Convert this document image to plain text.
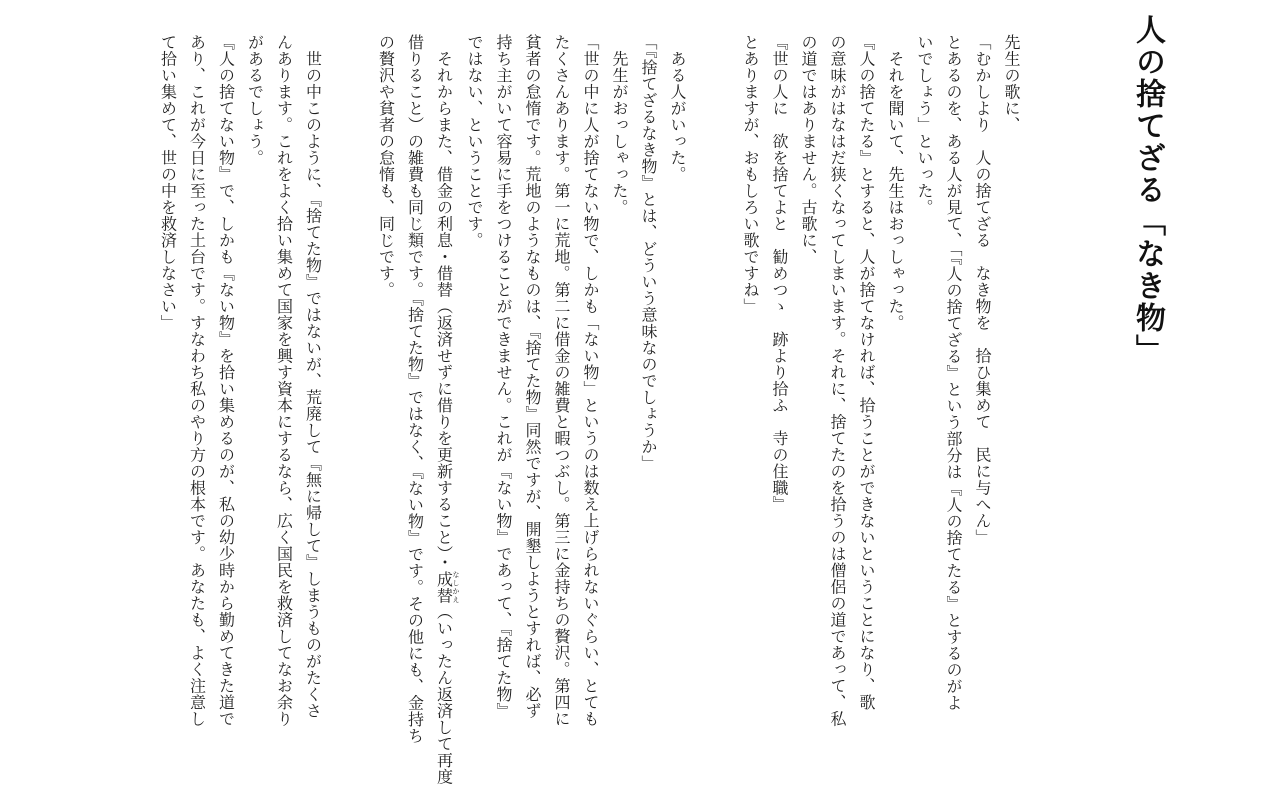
人の捨てざる「なき物」
先生の歌に、
「むかしより　人の捨てざる　なき物を　拾ひ集めて　民に与へん」
とあるのを、ある人が見て、「『人の捨てざる』という部分は『人の捨てたる』とするのがよ
いでしょう」といった。
　それを聞いて、先生はおっしゃった。
『人の捨てたる』とすると、人が捨てなければ、拾うことができないということになり、歌
の意味がはなはだ狭くなってしまいます。それに、捨てたのを拾うのは僧侶の道であって、私
の道ではありません。古歌に、
『世の人に　欲を捨てよと　勧めつゝ　跡より拾ふ　寺の住職』
とありますが、おもしろい歌ですね」
　ある人がいった。
「『捨てざるなき物』とは、どういう意味なのでしょうか」
　先生がおっしゃった。
「世の中に人が捨てない物で、しかも「ない物」というのは数え上げられないぐらい、とても
たくさんあります。第一に荒地。第二に借金の雑費と暇つぶし。第三に金持ちの贅沢。第四に
貧者の怠惰です。荒地のようなものは、『捨てた物』同然ですが、開墾しようとすれば、必ず
持ち主がいて容易に手をつけることができません。これが『ない物』であって、『捨てた物』
ではない、ということです。
　それからまた、借金の利息・借替（返済せずに借りを更新すること）・成替なしかえ（いったん返済して再度
借りること）の雑費も同じ類です。『捨てた物』ではなく、『ない物』です。その他にも、金持ち
の贅沢や貧者の怠惰も、同じです。
　世の中このように、『捨てた物』ではないが、荒廃して『無に帰して』しまうものがたくさ
んあります。これをよく拾い集めて国家を興す資本にするなら、広く国民を救済してなお余り
があるでしょう。
『人の捨てない物』で、しかも『ない物』を拾い集めるのが、私の幼少時から勤めてきた道で
あり、これが今日に至った土台です。すなわち私のやり方の根本です。あなたも、よく注意し
て拾い集めて、世の中を救済しなさい」
